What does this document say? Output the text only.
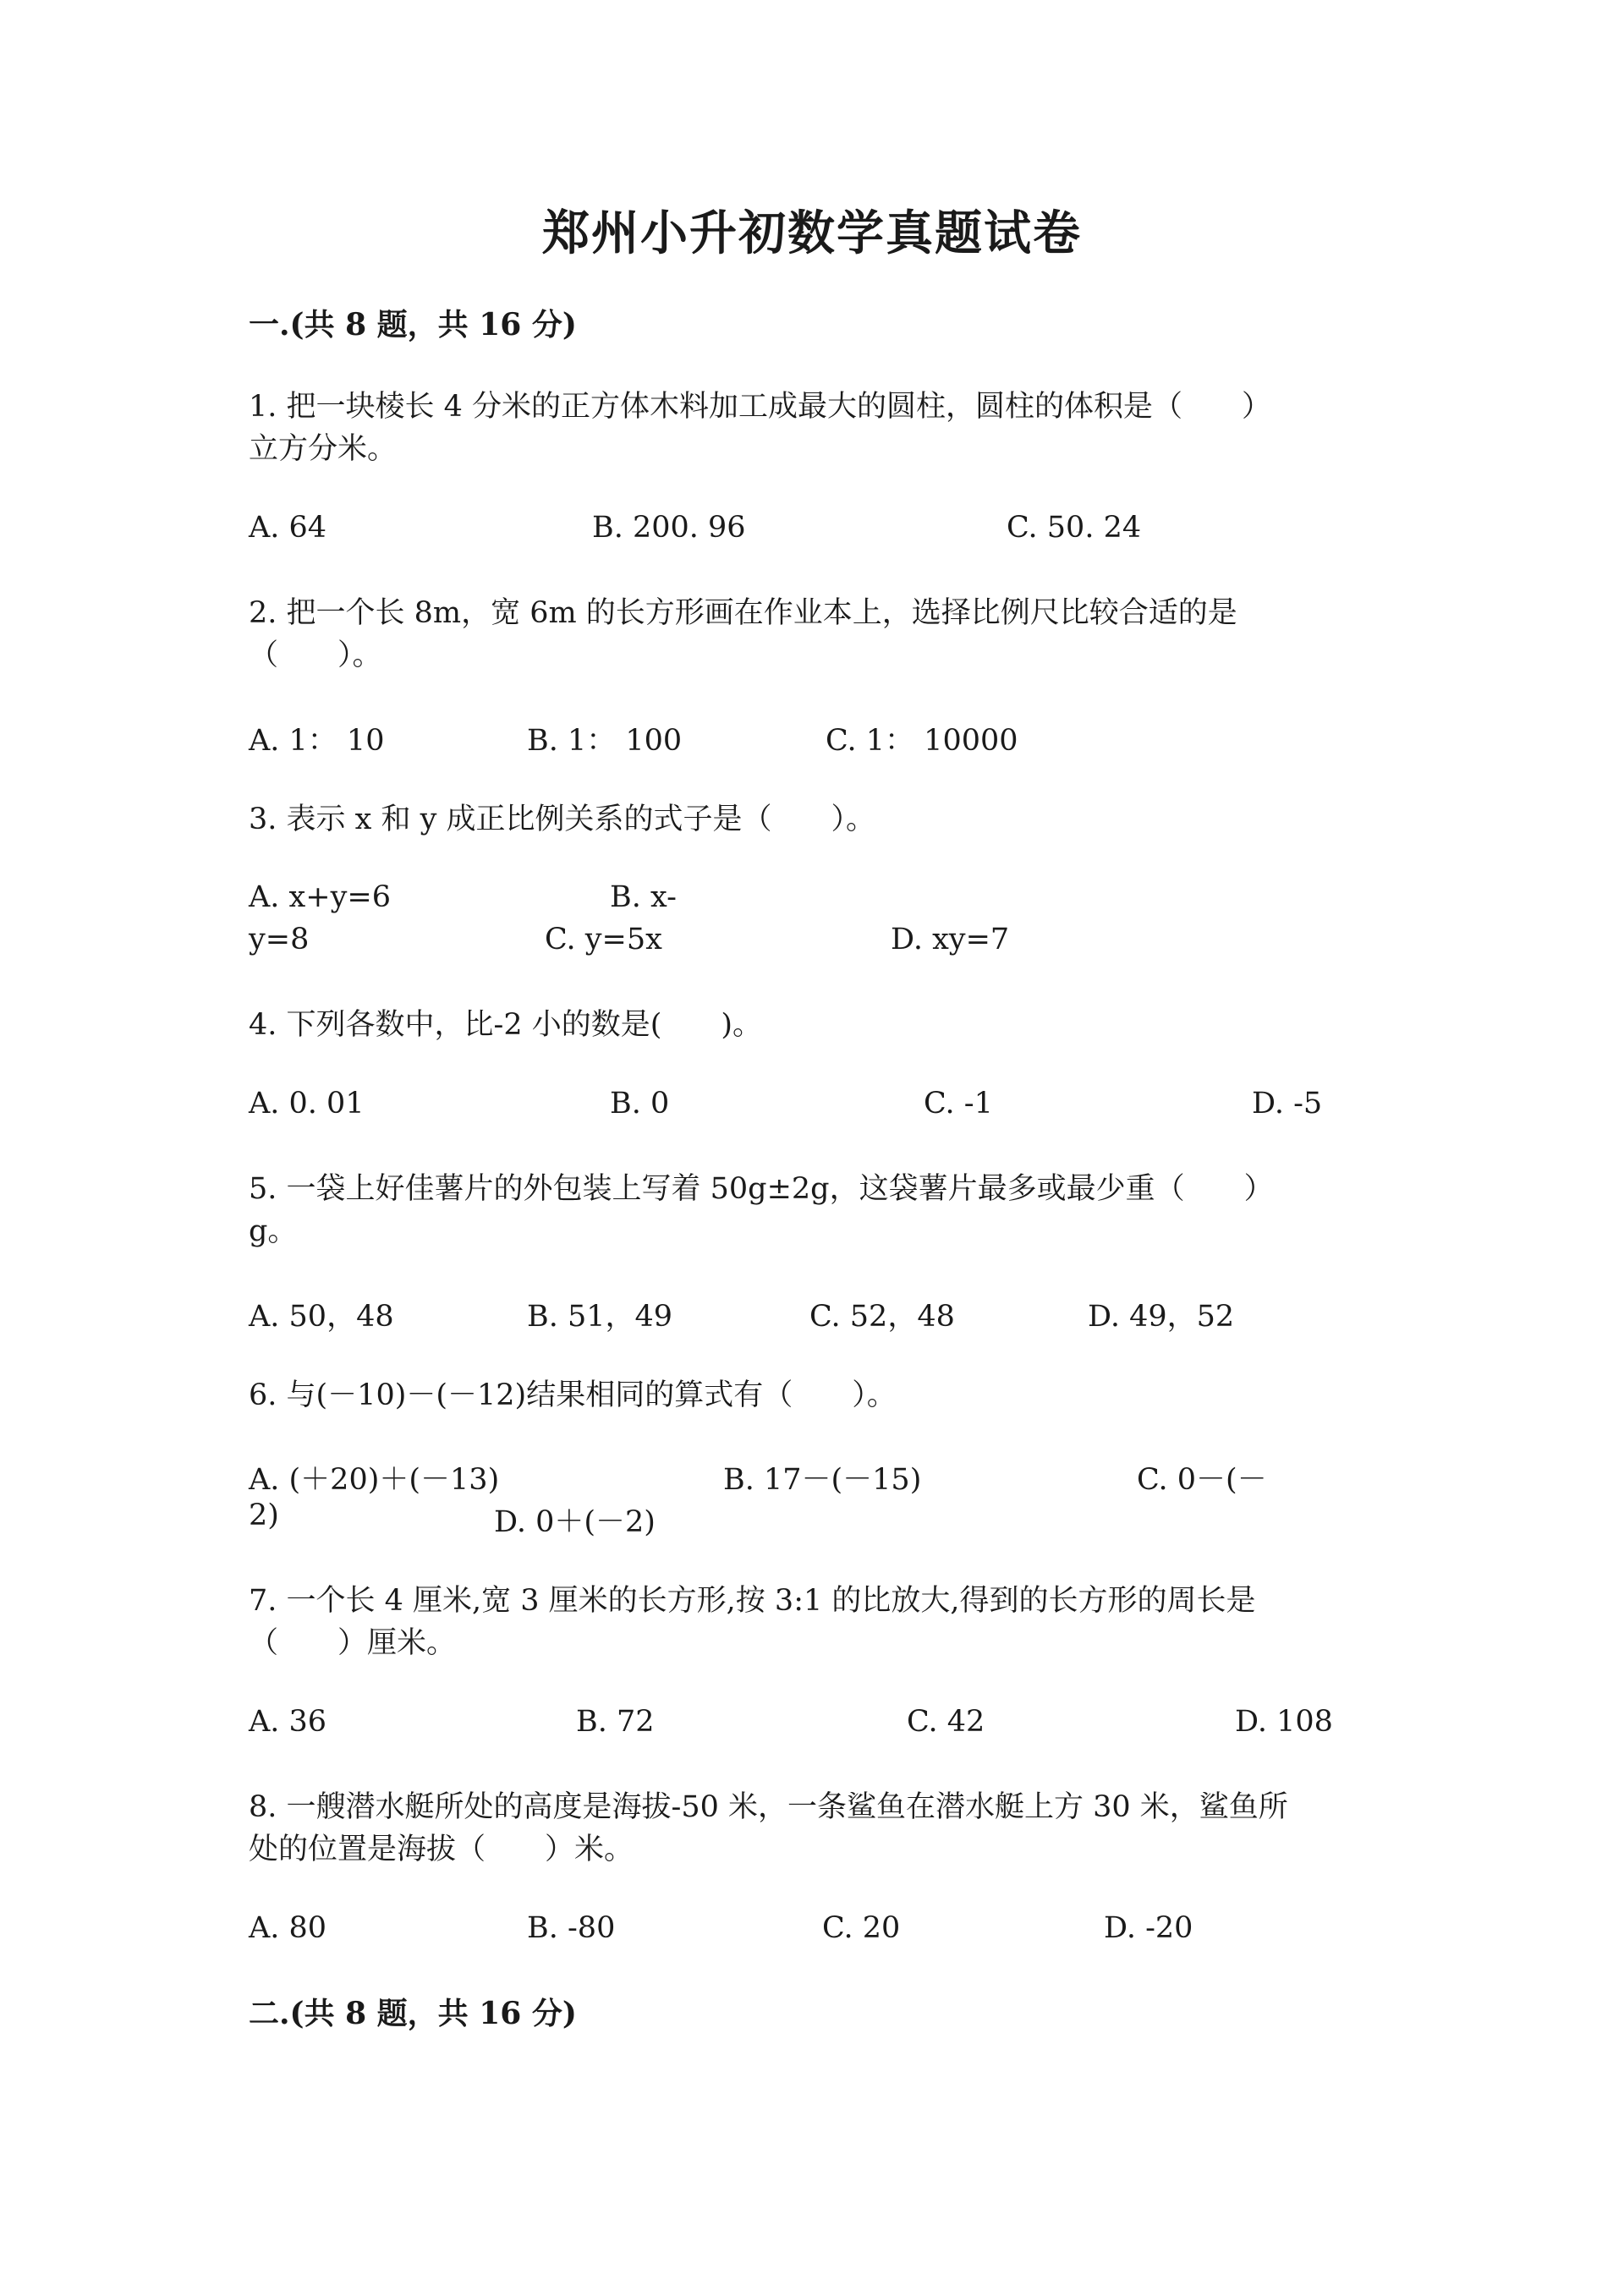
郑州小升初数学真题试卷
一.(共 8 题，共 16 分)
1. 把一块棱长 4 分米的正方体木料加工成最大的圆柱，圆柱的体积是（　　）
立方分米。
A. 64	B. 200. 96	C. 50. 24
2. 把一个长 8m，宽 6m 的长方形画在作业本上，选择比例尺比较合适的是
（　　）。
A. 1： 10	B. 1： 100	C. 1： 10000
3. 表示 x 和 y 成正比例关系的式子是（　　）。
A. x+y=6	B. x-
y=8	C. y=5x	D. xy=7
4. 下列各数中，比-2 小的数是(　　)。
A. 0. 01	B. 0	C. -1	D. -5
5. 一袋上好佳薯片的外包装上写着 50g±2g，这袋薯片最多或最少重（　　）
g。
A. 50，48	B. 51，49	C. 52，48	D. 49，52
6. 与(－10)－(－12)结果相同的算式有（　　）。
A. (＋20)＋(－13)	B. 17－(－15)	C. 0－(－
2)	D. 0＋(－2)
7. 一个长 4 厘米,宽 3 厘米的长方形,按 3:1 的比放大,得到的长方形的周长是
（　　）厘米。
A. 36	B. 72	C. 42	D. 108
8. 一艘潜水艇所处的高度是海拔-50 米，一条鲨鱼在潜水艇上方 30 米，鲨鱼所
处的位置是海拔（　　）米。
A. 80	B. -80	C. 20	D. -20
二.(共 8 题，共 16 分)
